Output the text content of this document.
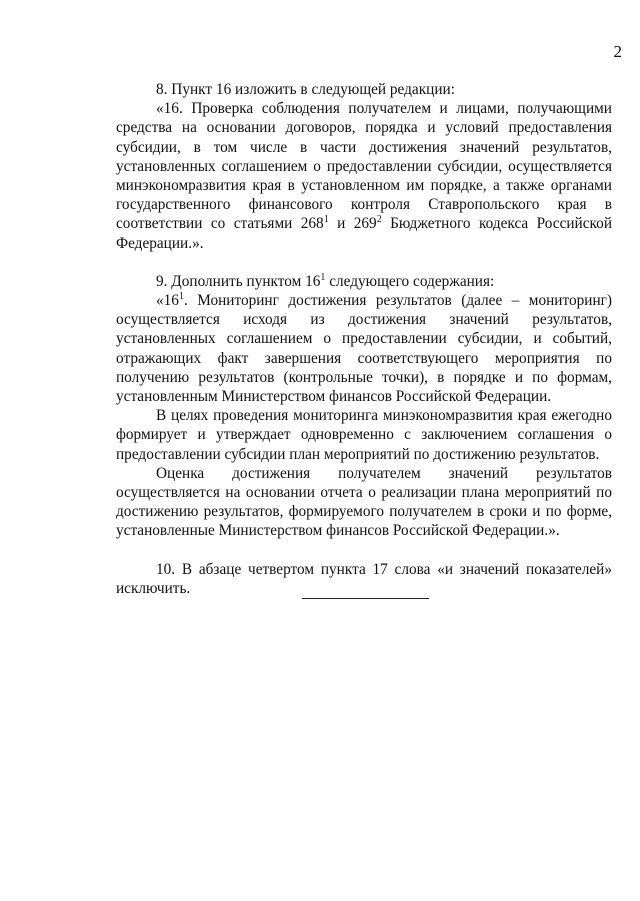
2

8. Пункт 16 изложить в следующей редакции:

«16. Проверка соблюдения получателем и лицами, получающими средства на основании договоров, порядка и условий предоставления субсидии, в том числе в части достижения значений результатов, установленных соглашением о предоставлении субсидии, осуществляется минэкономразвития края в установленном им порядке, а также органами государственного финансового контроля Ставропольского края в соответствии со статьями $268^1$ и $269^2$ Бюджетного кодекса Российской Федерации.».

9. Дополнить пунктом $16^1$ следующего содержания:

«$16^1$. Мониторинг достижения результатов (далее – мониторинг) осуществляется исходя из достижения значений результатов, установленных соглашением о предоставлении субсидии, и событий, отражающих факт завершения соответствующего мероприятия по получению результатов (контрольные точки), в порядке и по формам, установленным Министерством финансов Российской Федерации.

В целях проведения мониторинга минэкономразвития края ежегодно формирует и утверждает одновременно с заключением соглашения о предоставлении субсидии план мероприятий по достижению результатов.

Оценка достижения получателем значений результатов осуществляется на основании отчета о реализации плана мероприятий по достижению результатов, формируемого получателем в сроки и по форме, установленные Министерством финансов Российской Федерации.».

10. В абзаце четвертом пункта 17 слова «и значений показателей» исключить.
